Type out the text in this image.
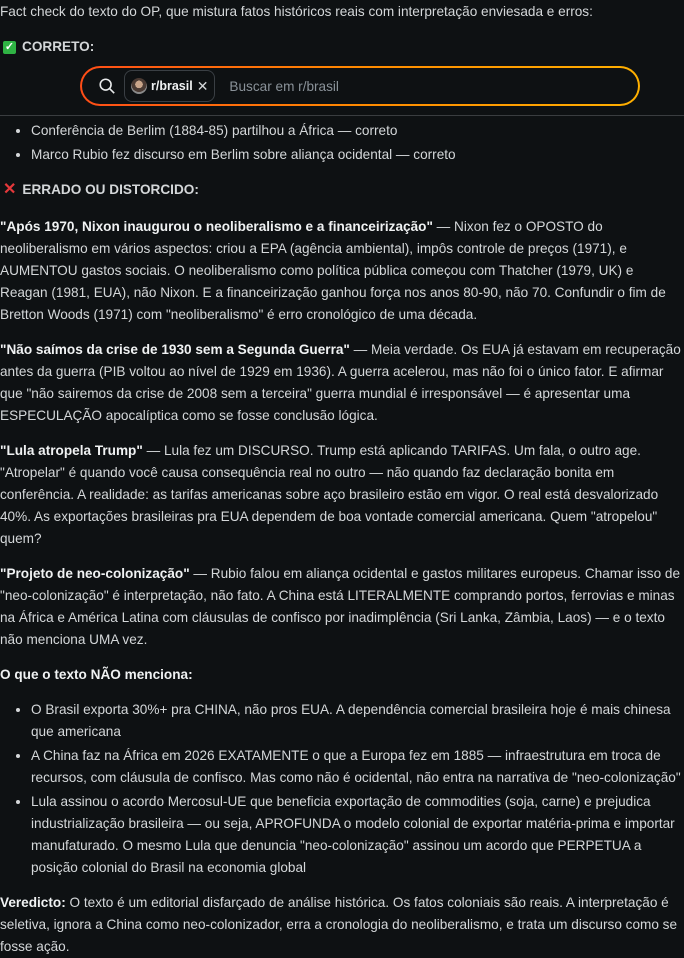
Fact check do texto do OP, que mistura fatos históricos reais com interpretação enviesada e erros:

✓ CORRETO:
r/brasil ✕
Buscar em r/brasil
• Conferência de Berlim (1884-85) partilhou a África — correto
• Marco Rubio fez discurso em Berlim sobre aliança ocidental — correto
✕ ERRADO OU DISTORCIDO:

"Após 1970, Nixon inaugurou o neoliberalismo e a financeirização" — Nixon fez o OPOSTO do neoliberalismo em vários aspectos: criou a EPA (agência ambiental), impôs controle de preços (1971), e AUMENTOU gastos sociais. O neoliberalismo como política pública começou com Thatcher (1979, UK) e Reagan (1981, EUA), não Nixon. E a financeirização ganhou força nos anos 80-90, não 70. Confundir o fim de Bretton Woods (1971) com "neoliberalismo" é erro cronológico de uma década.

"Não saímos da crise de 1930 sem a Segunda Guerra" — Meia verdade. Os EUA já estavam em recuperação antes da guerra (PIB voltou ao nível de 1929 em 1936). A guerra acelerou, mas não foi o único fator. E afirmar que "não sairemos da crise de 2008 sem a terceira" guerra mundial é irresponsável — é apresentar uma ESPECULAÇÃO apocalíptica como se fosse conclusão lógica.

"Lula atropela Trump" — Lula fez um DISCURSO. Trump está aplicando TARIFAS. Um fala, o outro age. "Atropelar" é quando você causa consequência real no outro — não quando faz declaração bonita em conferência. A realidade: as tarifas americanas sobre aço brasileiro estão em vigor. O real está desvalorizado 40%. As exportações brasileiras pra EUA dependem de boa vontade comercial americana. Quem "atropelou" quem?

"Projeto de neo-colonização" — Rubio falou em aliança ocidental e gastos militares europeus. Chamar isso de "neo-colonização" é interpretação, não fato. A China está LITERALMENTE comprando portos, ferrovias e minas na África e América Latina com cláusulas de confisco por inadimplência (Sri Lanka, Zâmbia, Laos) — e o texto não menciona UMA vez.

O que o texto NÃO menciona:

• O Brasil exporta 30%+ pra CHINA, não pros EUA. A dependência comercial brasileira hoje é mais chinesa que americana
• A China faz na África em 2026 EXATAMENTE o que a Europa fez em 1885 — infraestrutura em troca de recursos, com cláusula de confisco. Mas como não é ocidental, não entra na narrativa de "neo-colonização"
• Lula assinou o acordo Mercosul-UE que beneficia exportação de commodities (soja, carne) e prejudica industrialização brasileira — ou seja, APROFUNDA o modelo colonial de exportar matéria-prima e importar manufaturado. O mesmo Lula que denuncia "neo-colonização" assinou um acordo que PERPETUA a posição colonial do Brasil na economia global

Veredicto: O texto é um editorial disfarçado de análise histórica. Os fatos coloniais são reais. A interpretação é seletiva, ignora a China como neo-colonizador, erra a cronologia do neoliberalismo, e trata um discurso como se fosse ação.
